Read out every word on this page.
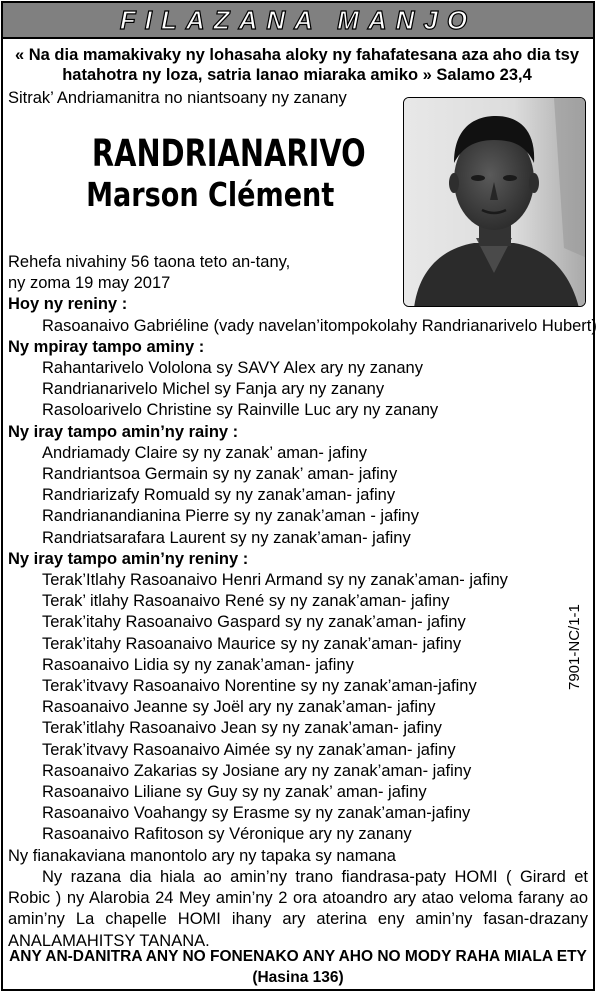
FILAZANA MANJO
« Na dia mamakivaky ny lohasaha aloky ny fahafatesana aza aho dia tsy
hatahotra ny loza, satria Ianao miaraka amiko » Salamo 23,4
Sitrak’ Andriamanitra no niantsoany ny zanany
RANDRIANARIVO
Marson Clément
Rehefa nivahiny 56 taona teto an-tany,
ny zoma 19 may 2017
Hoy ny reniny :
Rasoanaivo Gabriéline (vady navelan’itompokolahy Randrianarivelo Hubert)
Ny mpiray tampo aminy :
Rahantarivelo Vololona sy SAVY Alex ary ny zanany
Randrianarivelo Michel sy Fanja ary ny zanany
Rasoloarivelo Christine sy Rainville Luc ary ny zanany
Ny iray tampo amin’ny rainy :
Andriamady Claire sy ny zanak’ aman- jafiny
Randriantsoa Germain sy ny zanak’ aman- jafiny
Randriarizafy Romuald sy ny zanak’aman- jafiny
Randrianandianina Pierre sy ny zanak’aman - jafiny
Randriatsarafara Laurent sy ny zanak’aman- jafiny
Ny iray tampo amin’ny reniny :
Terak’Itlahy Rasoanaivo Henri Armand sy ny zanak’aman- jafiny
Terak’ itlahy Rasoanaivo René sy ny zanak’aman- jafiny
Terak’itahy Rasoanaivo Gaspard sy ny zanak’aman- jafiny
Terak’itahy Rasoanaivo Maurice sy ny zanak’aman- jafiny
Rasoanaivo Lidia sy ny zanak’aman- jafiny
Terak’itvavy Rasoanaivo Norentine sy ny zanak’aman-jafiny
Rasoanaivo Jeanne sy Joël ary ny zanak’aman- jafiny
Terak’itlahy Rasoanaivo Jean sy ny zanak’aman- jafiny
Terak’itvavy Rasoanaivo Aimée sy ny zanak’aman- jafiny
Rasoanaivo Zakarias sy Josiane ary ny zanak’aman- jafiny
Rasoanaivo Liliane sy Guy sy ny zanak’ aman- jafiny
Rasoanaivo Voahangy sy Erasme sy ny zanak’aman-jafiny
Rasoanaivo Rafitoson sy Véronique ary ny zanany
Ny fianakaviana manontolo ary ny tapaka sy namana
Ny razana dia hiala ao amin’ny trano fiandrasa-paty HOMI ( Girard et Robic ) ny Alarobia 24 Mey amin’ny 2 ora atoandro ary atao veloma farany ao amin’ny La chapelle HOMI ihany ary aterina eny amin’ny fasan-drazany ANALAMAHITSY TANANA.
7901-NC/1-1
ANY AN-DANITRA ANY NO FONENAKO ANY AHO NO MODY RAHA MIALA ETY
(Hasina 136)
